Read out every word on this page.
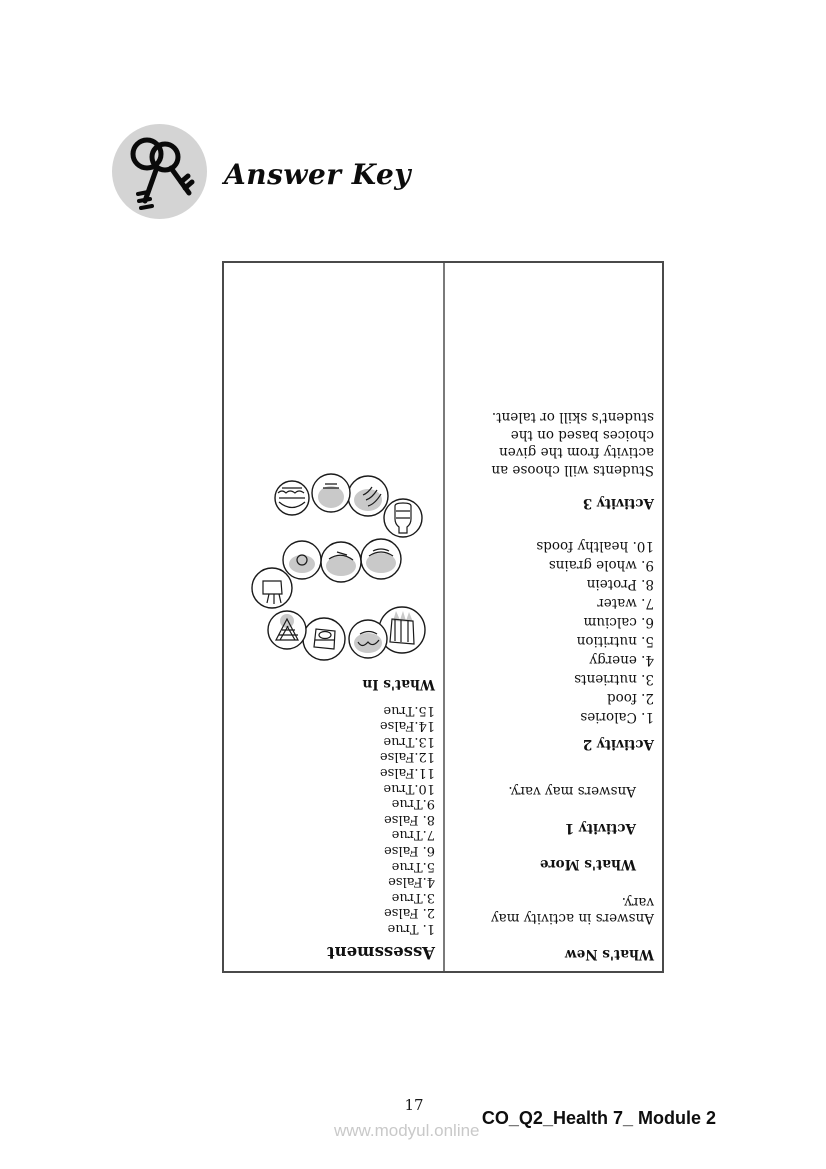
Answer Key
What's New
Answers in activity may vary.
What's More
Activity 1
Answers may vary.
Activity 2
1. Calories
2. food
3. nutrients
4. energy
5. nutrition
6. calcium
7. water
8. Protein
9. whole grains
10. healthy foods
Activity 3
Students will choose an activity from the given choices based on the student's skill or talent.
Assessment
1. True
2. False
3.True
4.False
5.True
6. False
7.True
8. False
9.True
10.True
11.False
12.False
13.True
14.False
15.True
What's In
17
www.modyul.online
CO_Q2_Health 7_ Module 2
